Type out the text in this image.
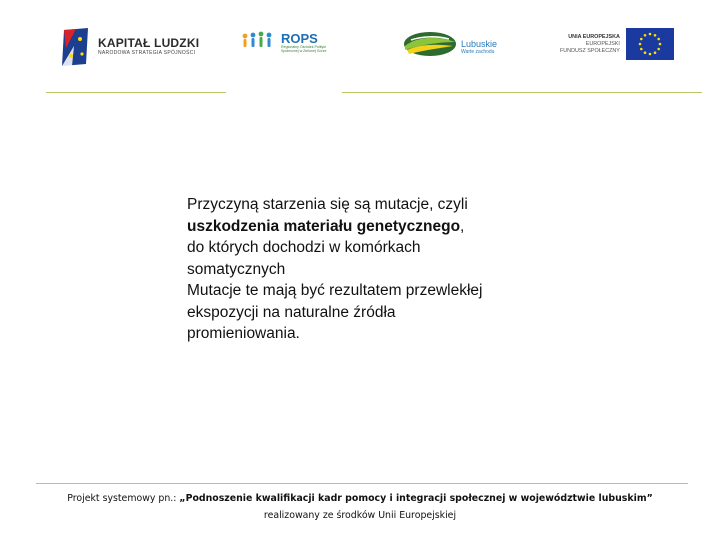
KAPITAŁ LUDZKI
NARODOWA STRATEGIA SPÓJNOŚCI
ROPS
Regionalny Ośrodek Polityki Społecznej w Zielonej Górze
Lubuskie
Warte zachodu
UNIA EUROPEJSKA
EUROPEJSKI
FUNDUSZ SPOŁECZNY

Przyczyną starzenia się są mutacje, czyli

uszkodzenia materiału genetycznego,

do których dochodzi w komórkach

somatycznych

Mutacje te mają być rezultatem przewlekłej

ekspozycji na naturalne źródła

promieniowania.

Projekt systemowy pn.: „Podnoszenie kwalifikacji kadr pomocy i integracji społecznej w województwie lubuskim”
realizowany ze środków Unii Europejskiej
